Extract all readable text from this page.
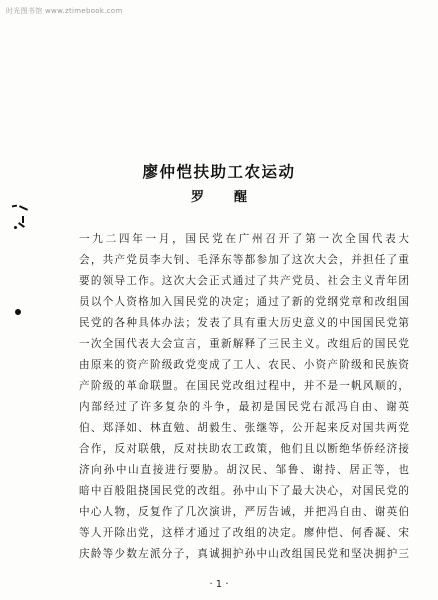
时光图书馆 www.ztimebook.com
廖仲恺扶助工农运动
罗醒
一九二四年一月，国民党在广州召开了第一次全国代表大
会，共产党员李大钊、毛泽东等都参加了这次大会，并担任了重
要的领导工作。这次大会正式通过了共产党员、社会主义青年团
员以个人资格加入国民党的决定；通过了新的党纲党章和改组国
民党的各种具体办法；发表了具有重大历史意义的中国国民党第
一次全国代表大会宣言，重新解释了三民主义。改组后的国民党
由原来的资产阶级政党变成了工人、农民、小资产阶级和民族资
产阶级的革命联盟。在国民党改组过程中，并不是一帆风顺的，
内部经过了许多复杂的斗争，最初是国民党右派冯自由、谢英
伯、郑泽如、林直勉、胡毅生、张继等，公开起来反对国共两党
合作，反对联俄，反对扶助农工政策，他们且以断绝华侨经济接
济向孙中山直接进行要胁。胡汉民、邹鲁、谢持、居正等，也
暗中百般阻挠国民党的改组。孙中山下了最大决心，对国民党的
中心人物，反复作了几次演讲，严厉告诫，并把冯自由、谢英伯
等人开除出党，这样才通过了改组的决定。廖仲恺、何香凝、宋
庆龄等少数左派分子，真诚拥护孙中山改组国民党和坚决拥护三
· 1 ·
